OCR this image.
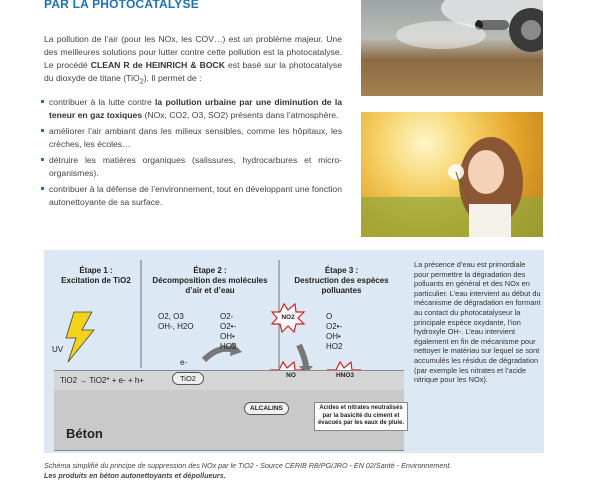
PAR LA PHOTOCATALYSE
La pollution de l’air (pour les NOx, les COV…) est un problème majeur. Une des meilleures solutions pour lutter contre cette pollution est la photocatalyse. Le procédé CLEAN R de HEINRICH & BOCK est basé sur la photocatalyse du dioxyde de titane (TiO$_2$). Il permet de :
contribuer à la lutte contre la pollution urbaine par une diminution de la teneur en gaz toxiques (NOx, CO2, O3, SO2) présents dans l’atmosphère.
améliorer l’air ambiant dans les milieux sensibles, comme les hôpitaux, les crèches, les écoles…
détruire les matières organiques (salissures, hydrocarbures et micro-organismes).
contribuer à la défense de l’environnement, tout en développant une fonction autonettoyante de sa surface.
Étape 1 :
Excitation de TiO2
Étape 2 :
Décomposition des molécules d’air et d’eau
Étape 3 :
Destruction des espèces polluantes
UV
O2, O3
OH-, H2O
O2-
O2•-
OH•
HO2
O
O2•-
OH•
HO2
e-
NO2
TiO2 → TiO2* + e- + h+	TiO2	NO	HNO3
ALCALINS	Acides et nitrates neutralisés par la basicité du ciment et évacués par les eaux de pluie.
Béton
La présence d’eau est primordiale pour permettre la dégradation des polluants en général et des NOx en particulier. L’eau intervient au début du mécanisme de dégradation en formant au contact du photocatalyseur la principale espèce oxydante, l’ion hydroxyle OH-. L’eau intervient également en fin de mécanisme pour nettoyer le matériau sur lequel se sont accumulés les résidus de dégradation (par exemple les nitrates et l’acide nitrique pour les NOx).
Schéma simplifié du principe de suppression des NOx par le TiO2 - Source CERIB RB/PG/JRO - EN 02/Santé - Environnement.
Les produits en béton autonettoyants et dépollueurs.
